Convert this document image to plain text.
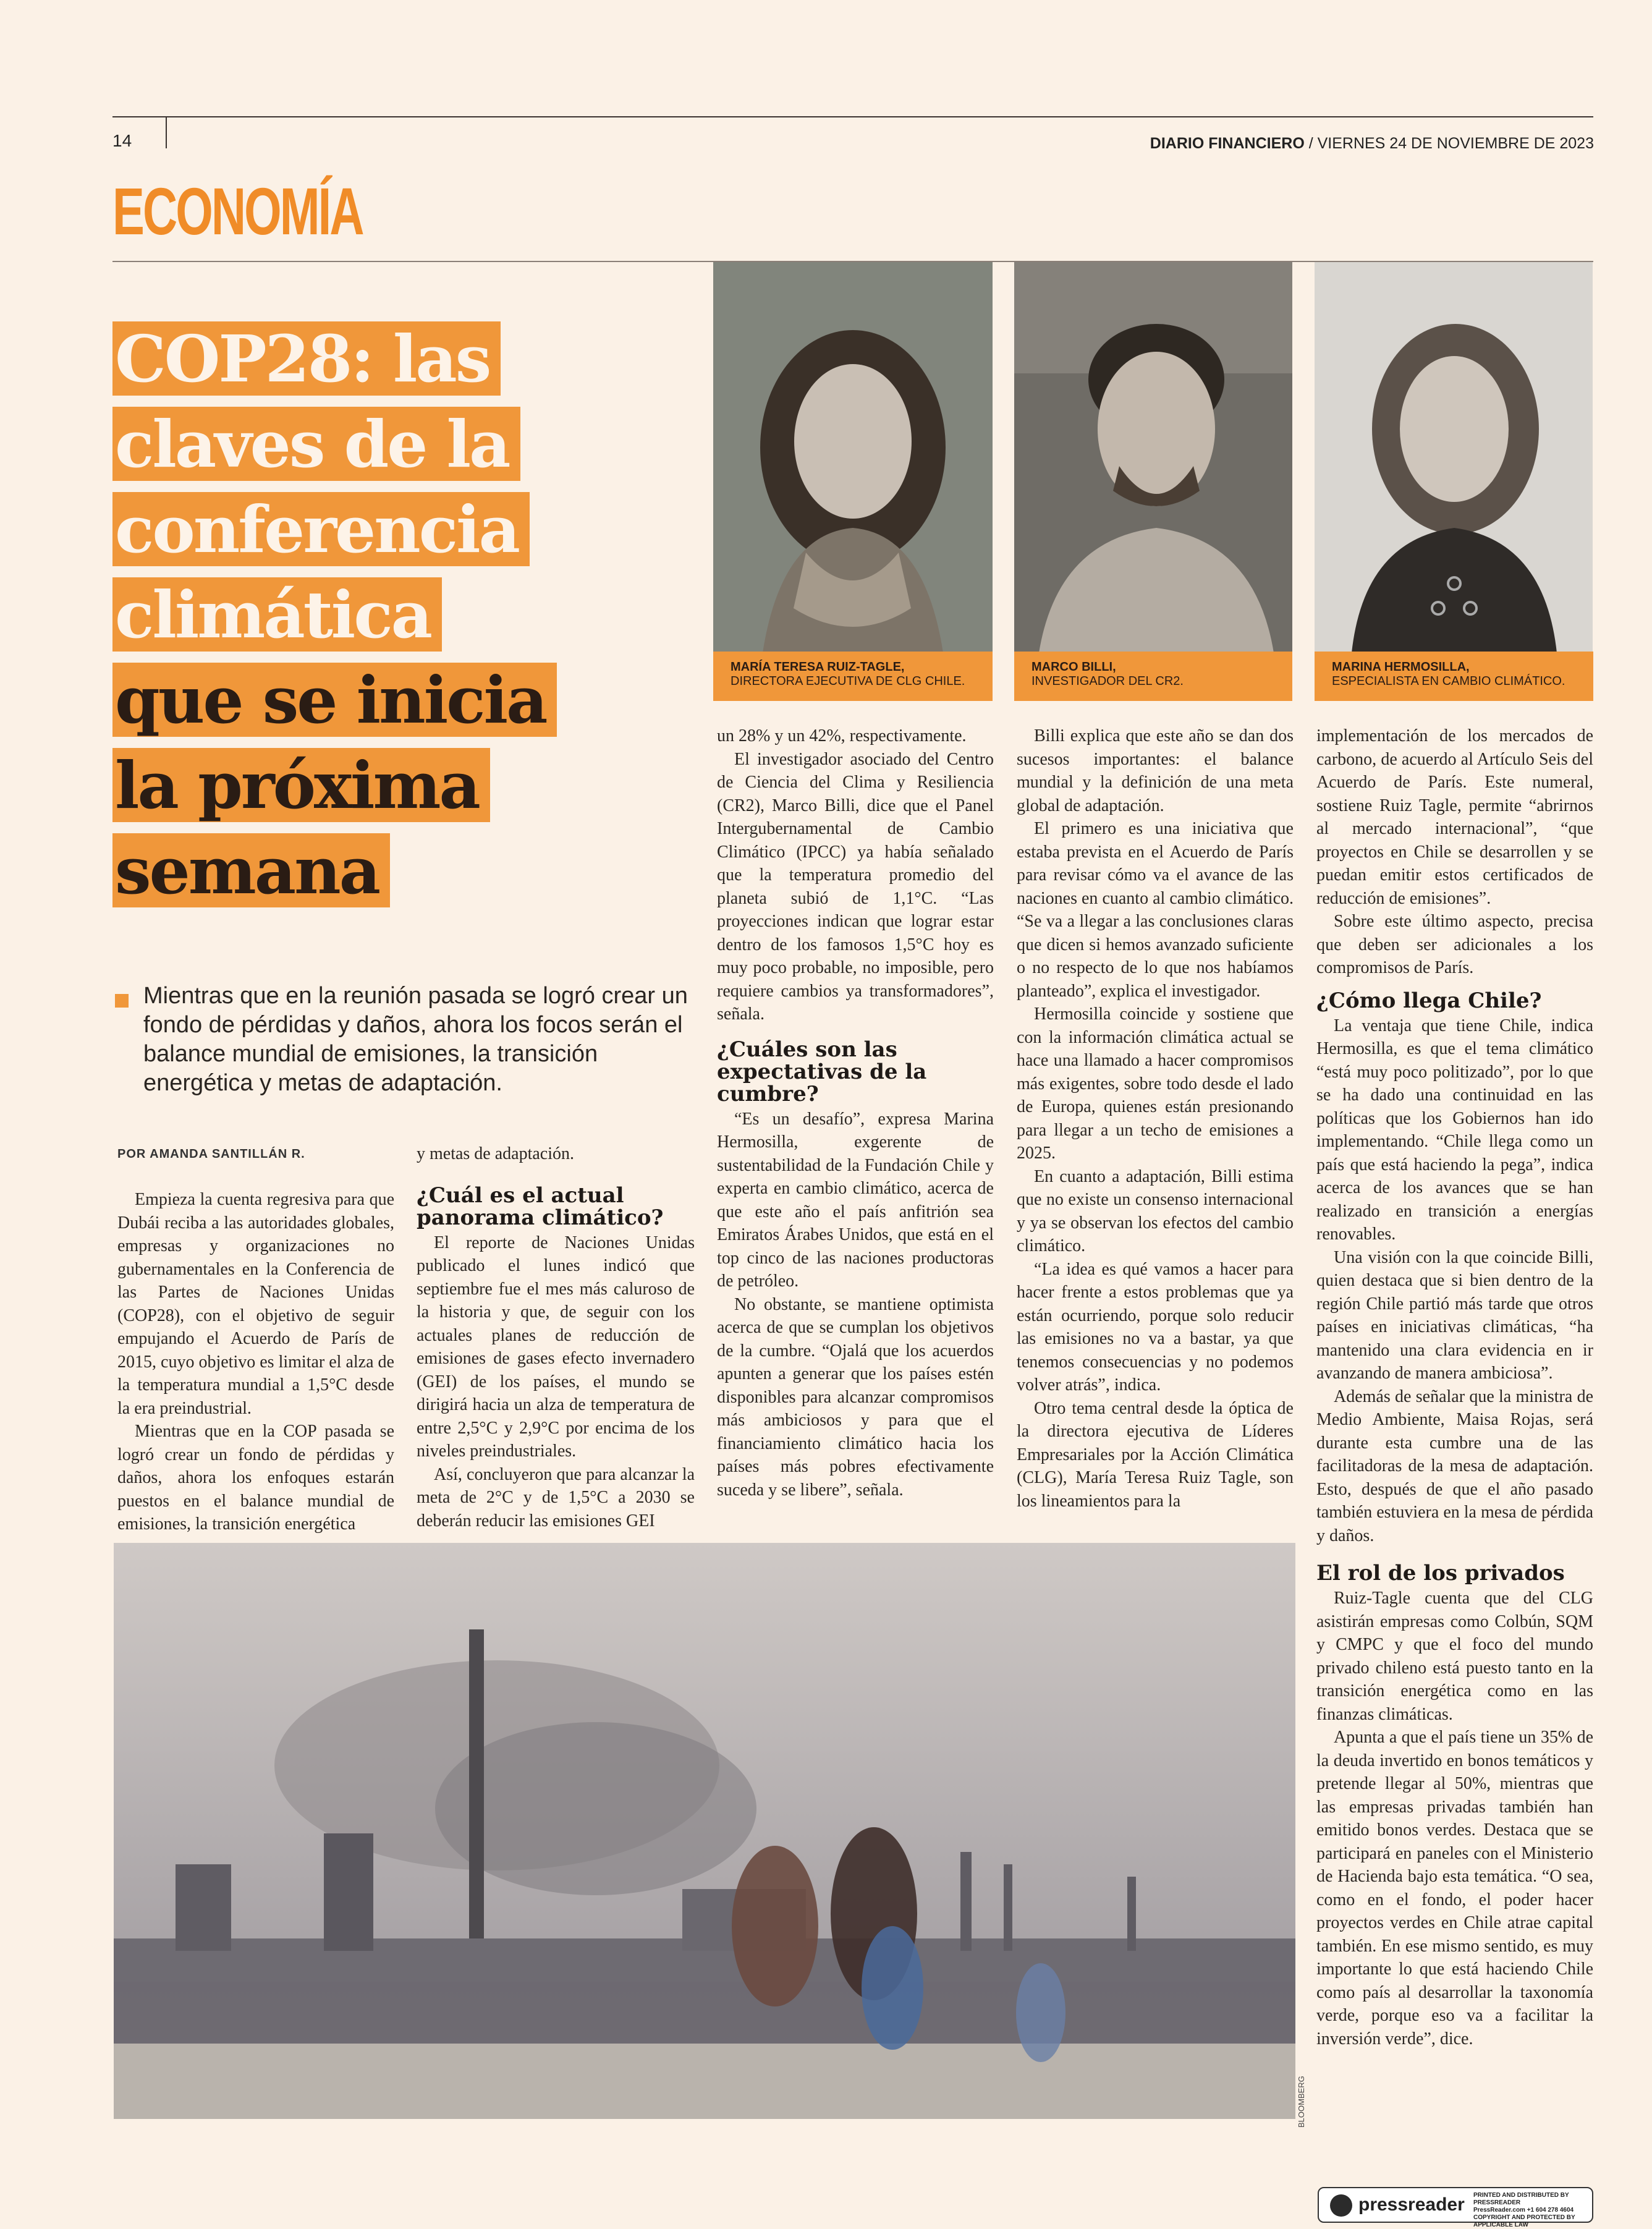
14	DIARIO FINANCIERO / VIERNES 24 DE NOVIEMBRE DE 2023
ECONOMÍA
COP28: las
claves de la
conferencia
climática
que se inicia
la próxima
semana
Mientras que en la reunión pasada se logró crear un fondo de pérdidas y daños, ahora los focos serán el balance mundial de emisiones, la transición energética y metas de adaptación.
POR AMANDA SANTILLÁN R.
MARÍA TERESA RUIZ-TAGLE,
DIRECTORA EJECUTIVA DE CLG CHILE.
MARCO BILLI,
INVESTIGADOR DEL CR2.
MARINA HERMOSILLA,
ESPECIALISTA EN CAMBIO CLIMÁTICO.
BLOOMBERG

Empieza la cuenta regresiva para que Dubái reciba a las autoridades globales, empresas y organizaciones no gubernamentales en la Conferencia de las Partes de Naciones Unidas (COP28), con el objetivo de seguir empujando el Acuerdo de París de 2015, cuyo objetivo es limitar el alza de la temperatura mundial a 1,5°C desde la era preindustrial.

Mientras que en la COP pasada se logró crear un fondo de pérdidas y daños, ahora los enfoques estarán puestos en el balance mundial de emisiones, la transición energética

y metas de adaptación.

¿Cuál es el actual panorama climático?

El reporte de Naciones Unidas publicado el lunes indicó que septiembre fue el mes más caluroso de la historia y que, de seguir con los actuales planes de reducción de emisiones de gases efecto invernadero (GEI) de los países, el mundo se dirigirá hacia un alza de temperatura de entre 2,5°C y 2,9°C por encima de los niveles preindustriales.

Así, concluyeron que para alcanzar la meta de 2°C y de 1,5°C a 2030 se deberán reducir las emisiones GEI

un 28% y un 42%, respectivamente.

El investigador asociado del Centro de Ciencia del Clima y Resiliencia (CR2), Marco Billi, dice que el Panel Intergubernamental de Cambio Climático (IPCC) ya había señalado que la temperatura promedio del planeta subió de 1,1°C. “Las proyecciones indican que lograr estar dentro de los famosos 1,5°C hoy es muy poco probable, no imposible, pero requiere cambios ya transformadores”, señala.

¿Cuáles son las expectativas de la cumbre?

“Es un desafío”, expresa Marina Hermosilla, exgerente de sustentabilidad de la Fundación Chile y experta en cambio climático, acerca de que este año el país anfitrión sea Emiratos Árabes Unidos, que está en el top cinco de las naciones productoras de petróleo.

No obstante, se mantiene optimista acerca de que se cumplan los objetivos de la cumbre. “Ojalá que los acuerdos apunten a generar que los países estén disponibles para alcanzar compromisos más ambiciosos y para que el financiamiento climático hacia los países más pobres efectivamente suceda y se libere”, señala.

Billi explica que este año se dan dos sucesos importantes: el balance mundial y la definición de una meta global de adaptación.

El primero es una iniciativa que estaba prevista en el Acuerdo de París para revisar cómo va el avance de las naciones en cuanto al cambio climático. “Se va a llegar a las conclusiones claras que dicen si hemos avanzado suficiente o no respecto de lo que nos habíamos planteado”, explica el investigador.

Hermosilla coincide y sostiene que con la información climática actual se hace una llamado a hacer compromisos más exigentes, sobre todo desde el lado de Europa, quienes están presionando para llegar a un techo de emisiones a 2025.

En cuanto a adaptación, Billi estima que no existe un consenso internacional y ya se observan los efectos del cambio climático.

“La idea es qué vamos a hacer para hacer frente a estos problemas que ya están ocurriendo, porque solo reducir las emisiones no va a bastar, ya que tenemos consecuencias y no podemos volver atrás”, indica.

Otro tema central desde la óptica de la directora ejecutiva de Líderes Empresariales por la Acción Climática (CLG), María Teresa Ruiz Tagle, son los lineamientos para la

implementación de los mercados de carbono, de acuerdo al Artículo Seis del Acuerdo de París. Este numeral, sostiene Ruiz Tagle, permite “abrirnos al mercado internacional”, “que proyectos en Chile se desarrollen y se puedan emitir estos certificados de reducción de emisiones”.

Sobre este último aspecto, precisa que deben ser adicionales a los compromisos de París.

¿Cómo llega Chile?

La ventaja que tiene Chile, indica Hermosilla, es que el tema climático “está muy poco politizado”, por lo que se ha dado una continuidad en las políticas que los Gobiernos han ido implementando. “Chile llega como un país que está haciendo la pega”, indica acerca de los avances que se han realizado en transición a energías renovables.

Una visión con la que coincide Billi, quien destaca que si bien dentro de la región Chile partió más tarde que otros países en iniciativas climáticas, “ha mantenido una clara evidencia en ir avanzando de manera ambiciosa”.

Además de señalar que la ministra de Medio Ambiente, Maisa Rojas, será durante esta cumbre una de las facilitadoras de la mesa de adaptación. Esto, después de que el año pasado también estuviera en la mesa de pérdida y daños.

El rol de los privados

Ruiz-Tagle cuenta que del CLG asistirán empresas como Colbún, SQM y CMPC y que el foco del mundo privado chileno está puesto tanto en la transición energética como en las finanzas climáticas.

Apunta a que el país tiene un 35% de la deuda invertido en bonos temáticos y pretende llegar al 50%, mientras que las empresas privadas también han emitido bonos verdes. Destaca que se participará en paneles con el Ministerio de Hacienda bajo esta temática. “O sea, como en el fondo, el poder hacer proyectos verdes en Chile atrae capital también. En ese mismo sentido, es muy importante lo que está haciendo Chile como país al desarrollar la taxonomía verde, porque eso va a facilitar la inversión verde”, dice.

pressreader PRINTED AND DISTRIBUTED BY PRESSREADER
PressReader.com +1 604 278 4604
COPYRIGHT AND PROTECTED BY APPLICABLE LAW
